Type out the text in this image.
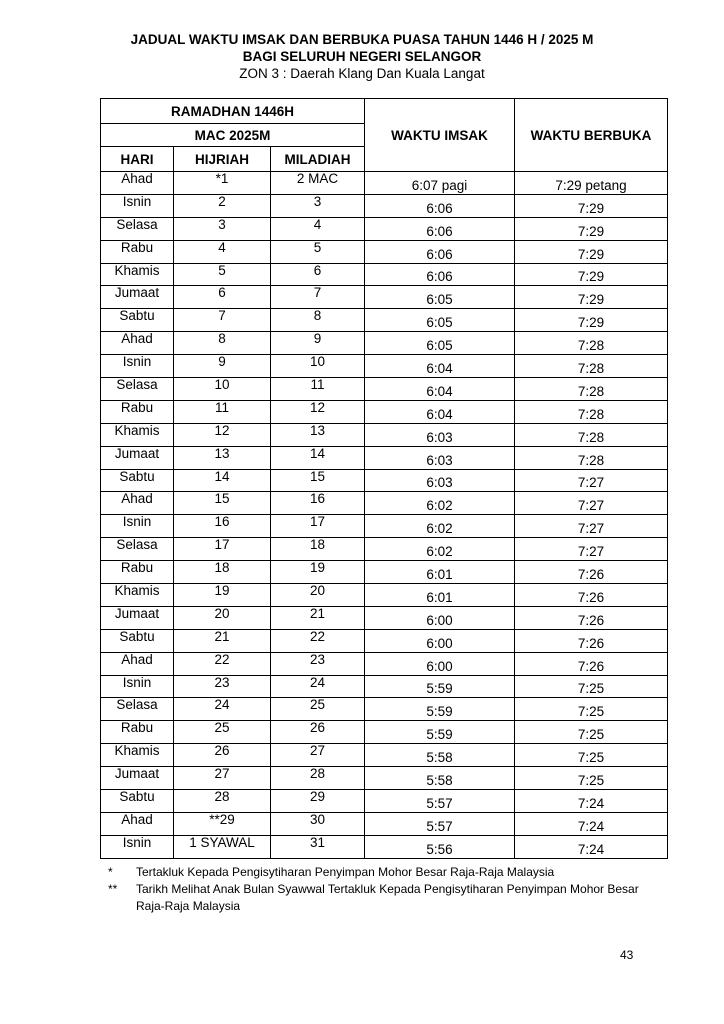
JADUAL WAKTU IMSAK DAN BERBUKA PUASA TAHUN 1446 H / 2025 M
BAGI SELURUH NEGERI SELANGOR
ZON 3 : Daerah Klang Dan Kuala Langat
RAMADHAN 1446H			WAKTU IMSAK	WAKTU BERBUKA
MAC 2025M				
HARI	HIJRIAH	MILADIAH		
Ahad	*1	2 MAC	6:07 pagi	7:29 petang
Isnin	2	3	6:06	7:29
Selasa	3	4	6:06	7:29
Rabu	4	5	6:06	7:29
Khamis	5	6	6:06	7:29
Jumaat	6	7	6:05	7:29
Sabtu	7	8	6:05	7:29
Ahad	8	9	6:05	7:28
Isnin	9	10	6:04	7:28
Selasa	10	11	6:04	7:28
Rabu	11	12	6:04	7:28
Khamis	12	13	6:03	7:28
Jumaat	13	14	6:03	7:28
Sabtu	14	15	6:03	7:27
Ahad	15	16	6:02	7:27
Isnin	16	17	6:02	7:27
Selasa	17	18	6:02	7:27
Rabu	18	19	6:01	7:26
Khamis	19	20	6:01	7:26
Jumaat	20	21	6:00	7:26
Sabtu	21	22	6:00	7:26
Ahad	22	23	6:00	7:26
Isnin	23	24	5:59	7:25
Selasa	24	25	5:59	7:25
Rabu	25	26	5:59	7:25
Khamis	26	27	5:58	7:25
Jumaat	27	28	5:58	7:25
Sabtu	28	29	5:57	7:24
Ahad	**29	30	5:57	7:24
Isnin	1 SYAWAL	31	5:56	7:24
*	Tertakluk Kepada Pengisytiharan Penyimpan Mohor Besar Raja-Raja Malaysia
**	Tarikh Melihat Anak Bulan Syawwal Tertakluk Kepada Pengisytiharan Penyimpan Mohor Besar Raja-Raja Malaysia
43
